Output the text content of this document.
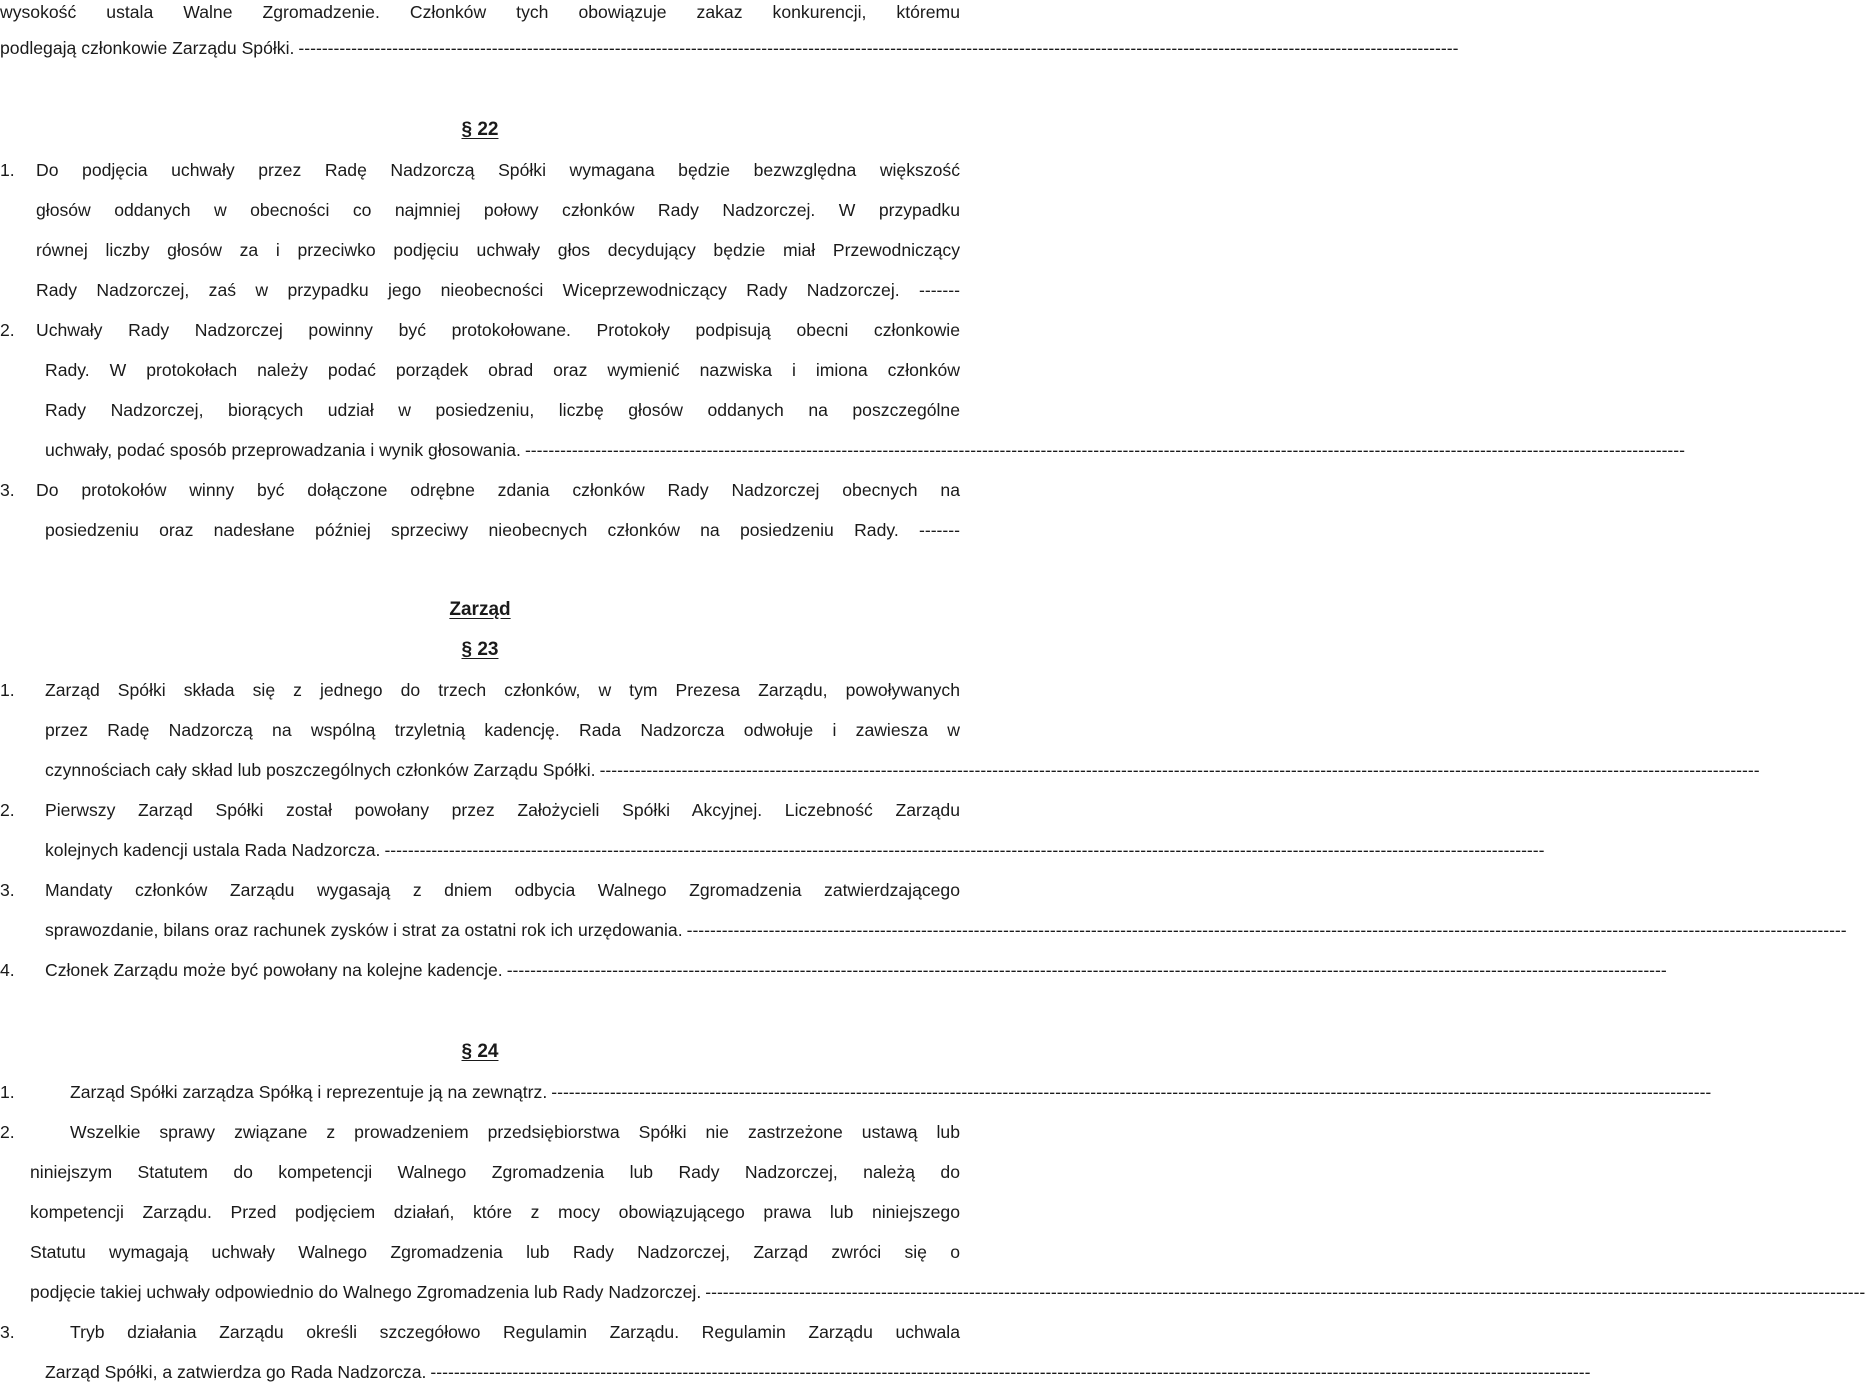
wysokość ustala Walne Zgromadzenie. Członków tych obowiązuje zakaz konkurencji, któremu
podlegają członkowie Zarządu Spółki. ------------------------------------------------------------------------------------------------------------------------------------------------------------------------------------------------------
§ 22
1. Do podjęcia uchwały przez Radę Nadzorczą Spółki wymagana będzie bezwzględna większość
głosów oddanych w obecności co najmniej połowy członków Rady Nadzorczej. W przypadku
równej liczby głosów za i przeciwko podjęciu uchwały głos decydujący będzie miał Przewodniczący
Rady Nadzorczej, zaś w przypadku jego nieobecności Wiceprzewodniczący Rady Nadzorczej. -------
2. Uchwały Rady Nadzorczej powinny być protokołowane. Protokoły podpisują obecni członkowie
Rady. W protokołach należy podać porządek obrad oraz wymienić nazwiska i imiona członków
Rady Nadzorczej, biorących udział w posiedzeniu, liczbę głosów oddanych na poszczególne
uchwały, podać sposób przeprowadzania i wynik głosowania. ------------------------------------------------------------------------------------------------------------------------------------------------------------------------------------------------------
3. Do protokołów winny być dołączone odrębne zdania członków Rady Nadzorczej obecnych na
posiedzeniu oraz nadesłane później sprzeciwy nieobecnych członków na posiedzeniu Rady. -------
Zarząd
§ 23
1. Zarząd Spółki składa się z jednego do trzech członków, w tym Prezesa Zarządu, powoływanych
przez Radę Nadzorczą na wspólną trzyletnią kadencję. Rada Nadzorcza odwołuje i zawiesza w
czynnościach cały skład lub poszczególnych członków Zarządu Spółki. ------------------------------------------------------------------------------------------------------------------------------------------------------------------------------------------------------
2. Pierwszy Zarząd Spółki został powołany przez Założycieli Spółki Akcyjnej. Liczebność Zarządu
kolejnych kadencji ustala Rada Nadzorcza. ------------------------------------------------------------------------------------------------------------------------------------------------------------------------------------------------------
3. Mandaty członków Zarządu wygasają z dniem odbycia Walnego Zgromadzenia zatwierdzającego
sprawozdanie, bilans oraz rachunek zysków i strat za ostatni rok ich urzędowania. ------------------------------------------------------------------------------------------------------------------------------------------------------------------------------------------------------
4. Członek Zarządu może być powołany na kolejne kadencje. ------------------------------------------------------------------------------------------------------------------------------------------------------------------------------------------------------
§ 24
1.	Zarząd Spółki zarządza Spółką i reprezentuje ją na zewnątrz. ------------------------------------------------------------------------------------------------------------------------------------------------------------------------------------------------------
2.	Wszelkie sprawy związane z prowadzeniem przedsiębiorstwa Spółki nie zastrzeżone ustawą lub
niniejszym Statutem do kompetencji Walnego Zgromadzenia lub Rady Nadzorczej, należą do
kompetencji Zarządu. Przed podjęciem działań, które z mocy obowiązującego prawa lub niniejszego
Statutu wymagają uchwały Walnego Zgromadzenia lub Rady Nadzorczej, Zarząd zwróci się o
podjęcie takiej uchwały odpowiednio do Walnego Zgromadzenia lub Rady Nadzorczej. ------------------------------------------------------------------------------------------------------------------------------------------------------------------------------------------------------
3.	Tryb działania Zarządu określi szczegółowo Regulamin Zarządu. Regulamin Zarządu uchwala
Zarząd Spółki, a zatwierdza go Rada Nadzorcza. ------------------------------------------------------------------------------------------------------------------------------------------------------------------------------------------------------
